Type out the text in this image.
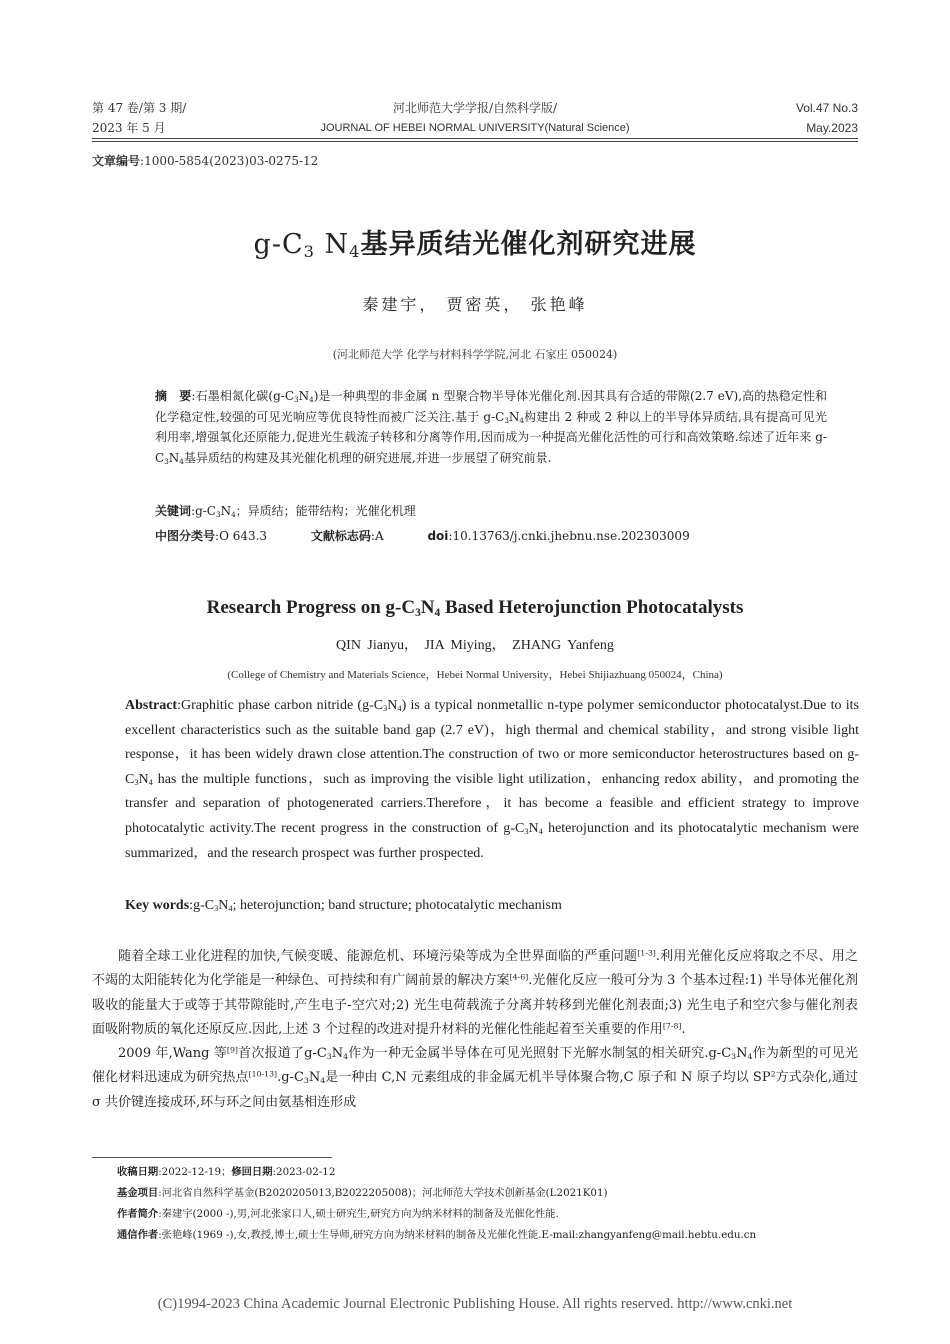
第 47 卷/第 3 期/
2023 年 5 月
河北师范大学学报/自然科学版/
JOURNAL OF HEBEI NORMAL UNIVERSITY(Natural Science)
Vol.47 No.3
May.2023
文章编号:1000-5854(2023)03-0275-12
$g-C_3$ $N_4$基异质结光催化剂研究进展
秦建宇， 贾密英， 张艳峰
(河北师范大学 化学与材料科学学院,河北 石家庄 050024)
摘　要:石墨相氮化碳$(g-C_3N_4)$是一种典型的非金属 n 型聚合物半导体光催化剂.因其具有合适的带隙(2.7 eV),高的热稳定性和化学稳定性,较强的可见光响应等优良特性而被广泛关注.基于 $g-C_3N_4$构建出 2 种或 2 种以上的半导体异质结,具有提高可见光利用率,增强氧化还原能力,促进光生载流子转移和分离等作用,因而成为一种提高光催化活性的可行和高效策略.综述了近年来 $g-C_3N_4$基异质结的构建及其光催化机理的研究进展,并进一步展望了研究前景.
关键词$:g-C_3N_4$；异质结；能带结构；光催化机理
中图分类号:O 643.3	文献标志码:A	doi:10.13763/j.cnki.jhebnu.nse.202303009
Research Progress on $g-C_3N_4$ Based Heterojunction Photocatalysts
QIN Jianyu， JIA Miying， ZHANG Yanfeng
(College of Chemistry and Materials Science，Hebei Normal University，Hebei Shijiazhuang 050024，China)
Abstract:Graphitic phase carbon nitride $(g-C_3N_4)$ is a typical nonmetallic n-type polymer semiconductor photocatalyst.Due to its excellent characteristics such as the suitable band gap (2.7 eV)，high thermal and chemical stability，and strong visible light response，it has been widely drawn close attention.The construction of two or more semiconductor heterostructures based on $g-C_3N_4$ has the multiple functions，such as improving the visible light utilization，enhancing redox ability，and promoting the transfer and separation of photogenerated carriers.Therefore，it has become a feasible and efficient strategy to improve photocatalytic activity.The recent progress in the construction of $g-C_3N_4$ heterojunction and its photocatalytic mechanism were summarized，and the research prospect was further prospected.
Key $words:g-C_3N_4$; heterojunction; band structure; photocatalytic mechanism

随着全球工业化进程的加快,气候变暖、能源危机、环境污染等成为全世界面临的严重问题[1-3].利用光催化反应将取之不尽、用之不竭的太阳能转化为化学能是一种绿色、可持续和有广阔前景的解决方案[4-6].光催化反应一般可分为 3 个基本过程:1) 半导体光催化剂吸收的能量大于或等于其带隙能时,产生电子-空穴对;2) 光生电荷载流子分离并转移到光催化剂表面;3) 光生电子和空穴参与催化剂表面吸附物质的氧化还原反应.因此,上述 3 个过程的改进对提升材料的光催化性能起着至关重要的作用[7-8].

2009 年,Wang 等[9]首次报道了$g-C_3N_4$作为一种无金属半导体在可见光照射下光解水制氢的相关研究$.g-C_3N_4$作为新型的可见光催化材料迅速成为研究热点$[10-13].g-C_3N_4$是一种由 C,N 元素组成的非金属无机半导体聚合物,C 原子和 N 原子均以 $SP^2$方式杂化,通过 σ 共价键连接成环,环与环之间由氨基相连形成

收稿日期:2022-12-19；修回日期:2023-02-12
基金项目:河北省自然科学基金(B2020205013,B2022205008)；河北师范大学技术创新基金(L2021K01)
作者简介:秦建宇(2000 -),男,河北张家口人,硕士研究生,研究方向为纳米材料的制备及光催化性能.
通信作者:张艳峰(1969 -),女,教授,博士,硕士生导师,研究方向为纳米材料的制备及光催化性能.E-mail:zhangyanfeng@mail.hebtu.edu.cn
(C)1994-2023 China Academic Journal Electronic Publishing House. All rights reserved. http://www.cnki.net
